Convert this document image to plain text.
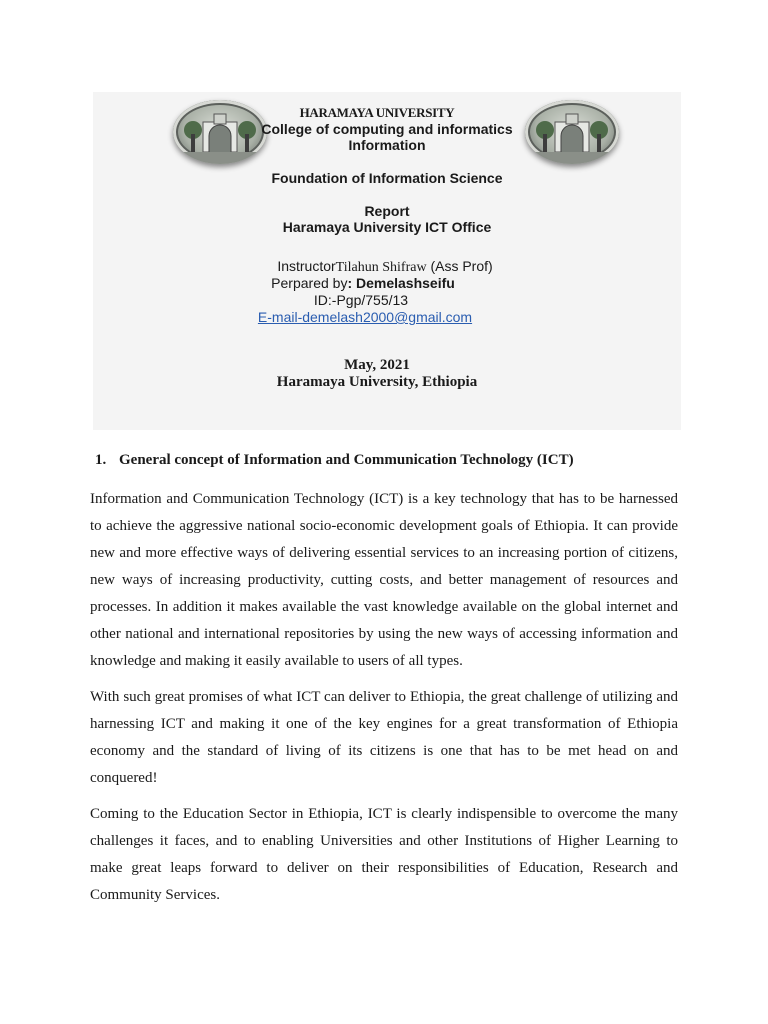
HARAMAYA UNIVERSITY
College of computing and informatics
Information
Foundation of Information Science
Report
Haramaya University ICT Office
InstructorTilahun Shifraw (Ass Prof)
Perpared by: Demelashseifu
ID:-Pgp/755/13
E-mail-demelash2000@gmail.com
May, 2021
Haramaya University, Ethiopia
1. General concept of Information and Communication Technology (ICT)

Information and Communication Technology (ICT) is a key technology that has to be harnessed to achieve the aggressive national socio-economic development goals of Ethiopia. It can provide new and more effective ways of delivering essential services to an increasing portion of citizens, new ways of increasing productivity, cutting costs, and better management of resources and processes. In addition it makes available the vast knowledge available on the global internet and other national and international repositories by using the new ways of accessing information and knowledge and making it easily available to users of all types.

With such great promises of what ICT can deliver to Ethiopia, the great challenge of utilizing and harnessing ICT and making it one of the key engines for a great transformation of Ethiopia economy and the standard of living of its citizens is one that has to be met head on and conquered!

Coming to the Education Sector in Ethiopia, ICT is clearly indispensible to overcome the many challenges it faces, and to enabling Universities and other Institutions of Higher Learning to make great leaps forward to deliver on their responsibilities of Education, Research and Community Services.
